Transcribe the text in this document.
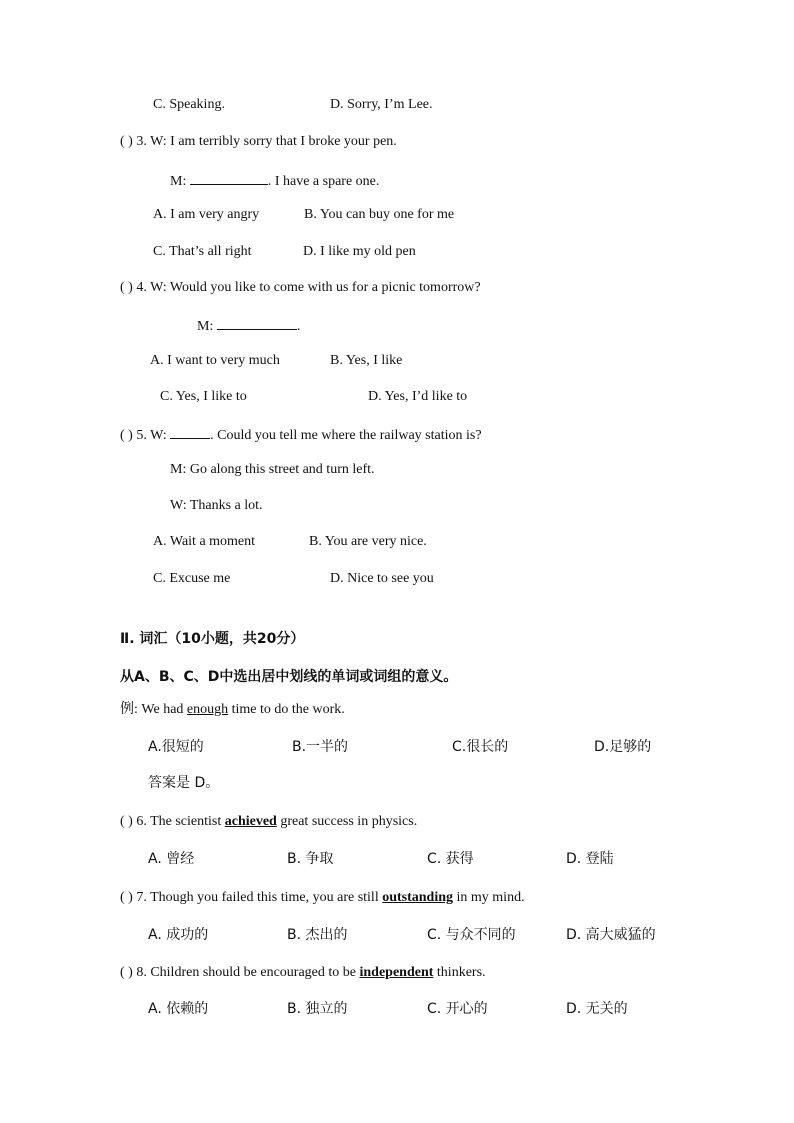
C. Speaking.	D. Sorry, I’m Lee.
( ) 3. W: I am terribly sorry that I broke your pen.
M:	. I have a spare one.
A. I am very angry	B. You can buy one for me
C. That’s all right	D. I like my old pen
( ) 4. W: Would you like to come with us for a picnic tomorrow?
M:	.
A. I want to very much	B. Yes, I like
C. Yes, I like to	D. Yes, I’d like to
( ) 5. W:	. Could you tell me where the railway station is?
M: Go along this street and turn left.
W: Thanks a lot.
A. Wait a moment	B. You are very nice.
C. Excuse me	D. Nice to see you
Ⅱ. 词汇（10小题，共20分）
从A、B、C、D中选出居中划线的单词或词组的意义。
例: We had enough time to do the work.
A.很短的	B.一半的	C.很长的	D.足够的
答案是 D。
( ) 6. The scientist achieved great success in physics.
A. 曾经	B. 争取	C. 获得	D. 登陆
( ) 7. Though you failed this time, you are still outstanding in my mind.
A. 成功的	B. 杰出的	C. 与众不同的	D. 高大威猛的
( ) 8. Children should be encouraged to be independent thinkers.
A. 依赖的	B. 独立的	C. 开心的	D. 无关的
